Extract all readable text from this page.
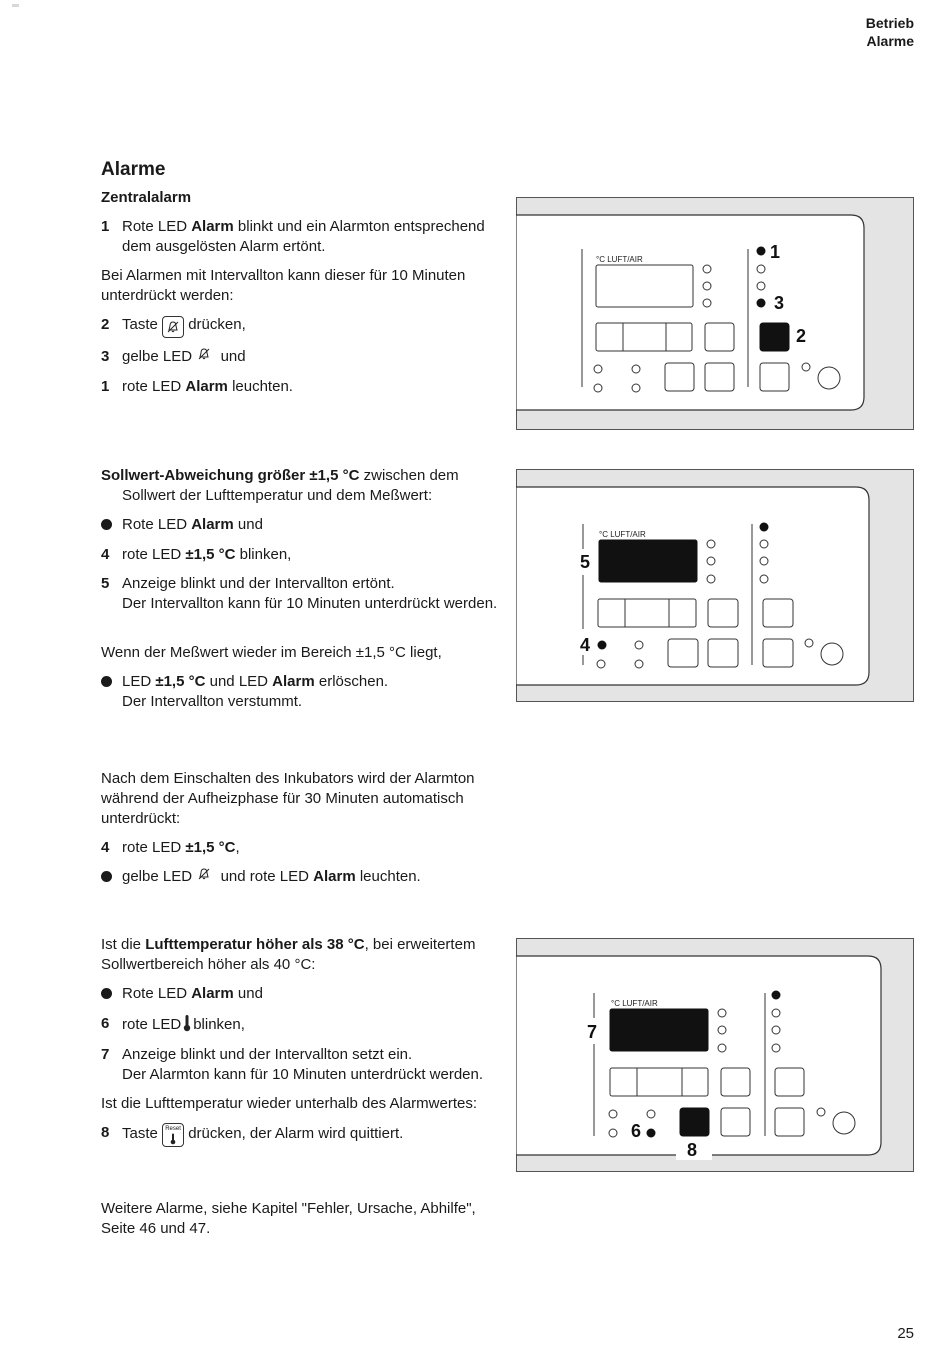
Betrieb
Alarme
Alarme
Zentralalarm
1 Rote LED Alarm blinkt und ein Alarmton entsprechend dem ausgelösten Alarm ertönt.
Bei Alarmen mit Intervallton kann dieser für 10 Minuten unterdrückt werden:
2 Taste drücken,
3 gelbe LED und
1 rote LED Alarm leuchten.
°C LUFT/AIR	1
3
2
Sollwert-Abweichung größer ±1,5 °C zwischen dem Sollwert der Lufttemperatur und dem Meßwert:
Rote LED Alarm und
4 rote LED ±1,5 °C blinken,
5 Anzeige blinkt und der Intervallton ertönt.
Der Intervallton kann für 10 Minuten unterdrückt werden.
Wenn der Meßwert wieder im Bereich ±1,5 °C liegt,
LED ±1,5 °C und LED Alarm erlöschen.
Der Intervallton verstummt.
°C LUFT/AIR
5
4
Nach dem Einschalten des Inkubators wird der Alarmton während der Aufheizphase für 30 Minuten automatisch unterdrückt:
4 rote LED ±1,5 °C,
gelbe LED und rote LED Alarm leuchten.
Ist die Lufttemperatur höher als 38 °C, bei erweitertem Sollwertbereich höher als 40 °C:
Rote LED Alarm und
6 rote LED blinken,
7 Anzeige blinkt und der Intervallton setzt ein.
Der Alarmton kann für 10 Minuten unterdrückt werden.
Ist die Lufttemperatur wieder unterhalb des Alarmwertes:
8 Taste	Reset drücken, der Alarm wird quittiert.
°C LUFT/AIR
7
6
8
Weitere Alarme, siehe Kapitel "Fehler, Ursache, Abhilfe", Seite 46 und 47.
25
